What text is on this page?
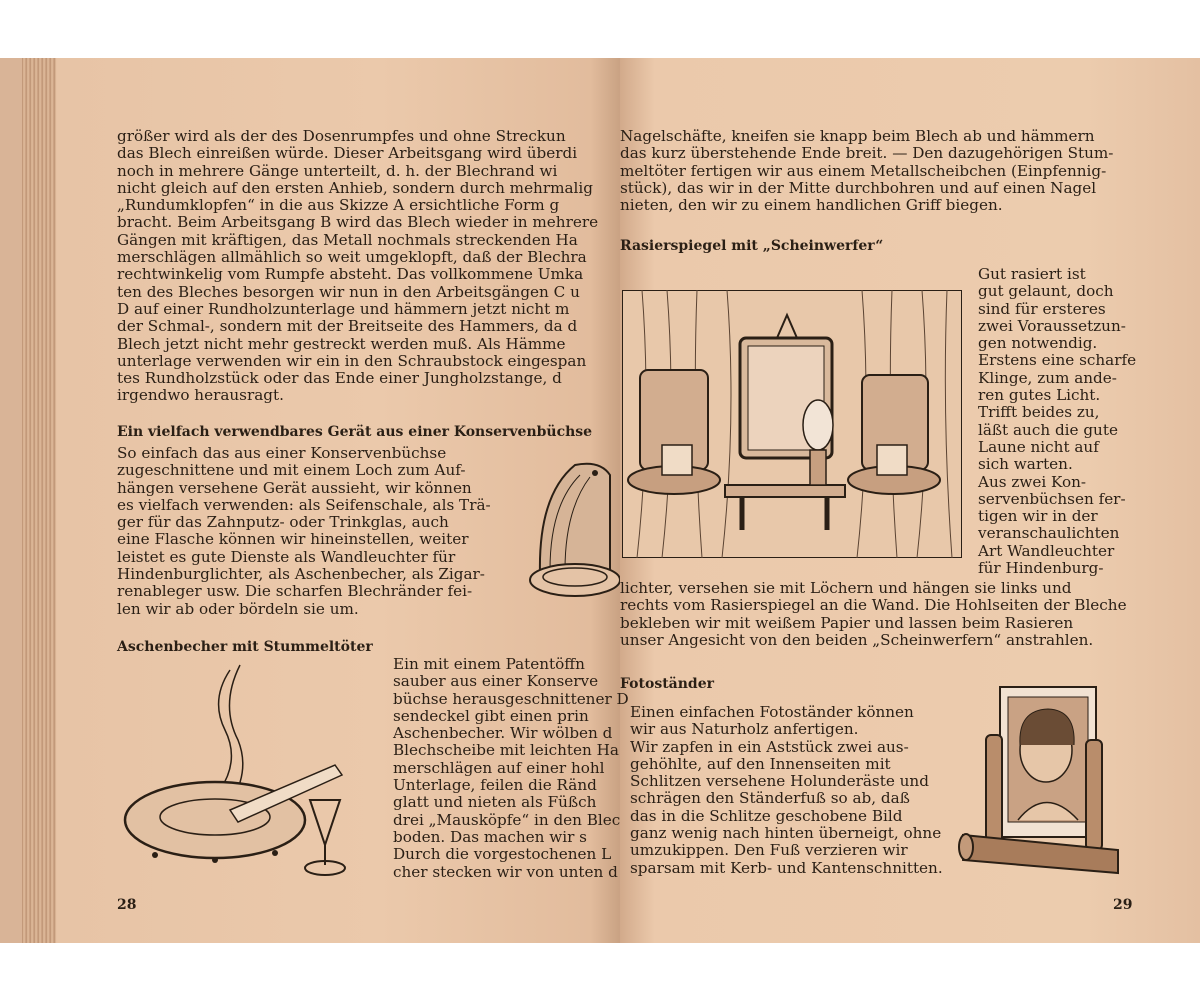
größer wird als der des Dosenrumpfes und ohne Streckun
das Blech einreißen würde. Dieser Arbeitsgang wird überdi
noch in mehrere Gänge unterteilt, d. h. der Blechrand wi
nicht gleich auf den ersten Anhieb, sondern durch mehrmalig
„Rundumklopfen“ in die aus Skizze A ersichtliche Form g
bracht. Beim Arbeitsgang B wird das Blech wieder in mehrere
Gängen mit kräftigen, das Metall nochmals streckenden Ha
merschlägen allmählich so weit umgeklopft, daß der Blechra
rechtwinkelig vom Rumpfe absteht. Das vollkommene Umka
ten des Bleches besorgen wir nun in den Arbeitsgängen C u
D auf einer Rundholzunterlage und hämmern jetzt nicht m
der Schmal-, sondern mit der Breitseite des Hammers, da d
Blech jetzt nicht mehr gestreckt werden muß. Als Hämme
unterlage verwenden wir ein in den Schraubstock eingespan
tes Rundholzstück oder das Ende einer Jungholzstange, d
irgendwo herausragt.
Ein vielfach verwendbares Gerät aus einer Konservenbüchse
So einfach das aus einer Konservenbüchse
zugeschnittene und mit einem Loch zum Auf-
hängen versehene Gerät aussieht, wir können
es vielfach verwenden: als Seifenschale, als Trä-
ger für das Zahnputz- oder Trinkglas, auch
eine Flasche können wir hineinstellen, weiter
leistet es gute Dienste als Wandleuchter für
Hindenburglichter, als Aschenbecher, als Zigar-
renableger usw. Die scharfen Blechränder fei-
len wir ab oder bördeln sie um.
Aschenbecher mit Stummeltöter
Ein mit einem Patentöffn
sauber aus einer Konserve
büchse herausgeschnittener D
sendeckel gibt einen prin
Aschenbecher. Wir wölben d
Blechscheibe mit leichten Ha
merschlägen auf einer hohl
Unterlage, feilen die Ränd
glatt und nieten als Füßch
drei „Mausköpfe“ in den Blec
boden. Das machen wir s
Durch die vorgestochenen L
cher stecken wir von unten d
28
Nagelschäfte, kneifen sie knapp beim Blech ab und hämmern
das kurz überstehende Ende breit. — Den dazugehörigen Stum-
meltöter fertigen wir aus einem Metallscheibchen (Einpfennig-
stück), das wir in der Mitte durchbohren und auf einen Nagel
nieten, den wir zu einem handlichen Griff biegen.
Rasierspiegel mit „Scheinwerfer“
Gut rasiert ist
gut gelaunt, doch
sind für ersteres
zwei Voraussetzun-
gen notwendig.
Erstens eine scharfe
Klinge, zum ande-
ren gutes Licht.
Trifft beides zu,
läßt auch die gute
Laune nicht auf
sich warten.
Aus zwei Kon-
servenbüchsen fer-
tigen wir in der
veranschaulichten
Art Wandleuchter
für Hindenburg-
lichter, versehen sie mit Löchern und hängen sie links und
rechts vom Rasierspiegel an die Wand. Die Hohlseiten der Bleche
bekleben wir mit weißem Papier und lassen beim Rasieren
unser Angesicht von den beiden „Scheinwerfern“ anstrahlen.
Fotoständer
Einen einfachen Fotoständer können
wir aus Naturholz anfertigen.
Wir zapfen in ein Aststück zwei aus-
gehöhlte, auf den Innenseiten mit
Schlitzen versehene Holunderäste und
schrägen den Ständerfuß so ab, daß
das in die Schlitze geschobene Bild
ganz wenig nach hinten überneigt, ohne
umzukippen. Den Fuß verzieren wir
sparsam mit Kerb- und Kantenschnitten.
29
